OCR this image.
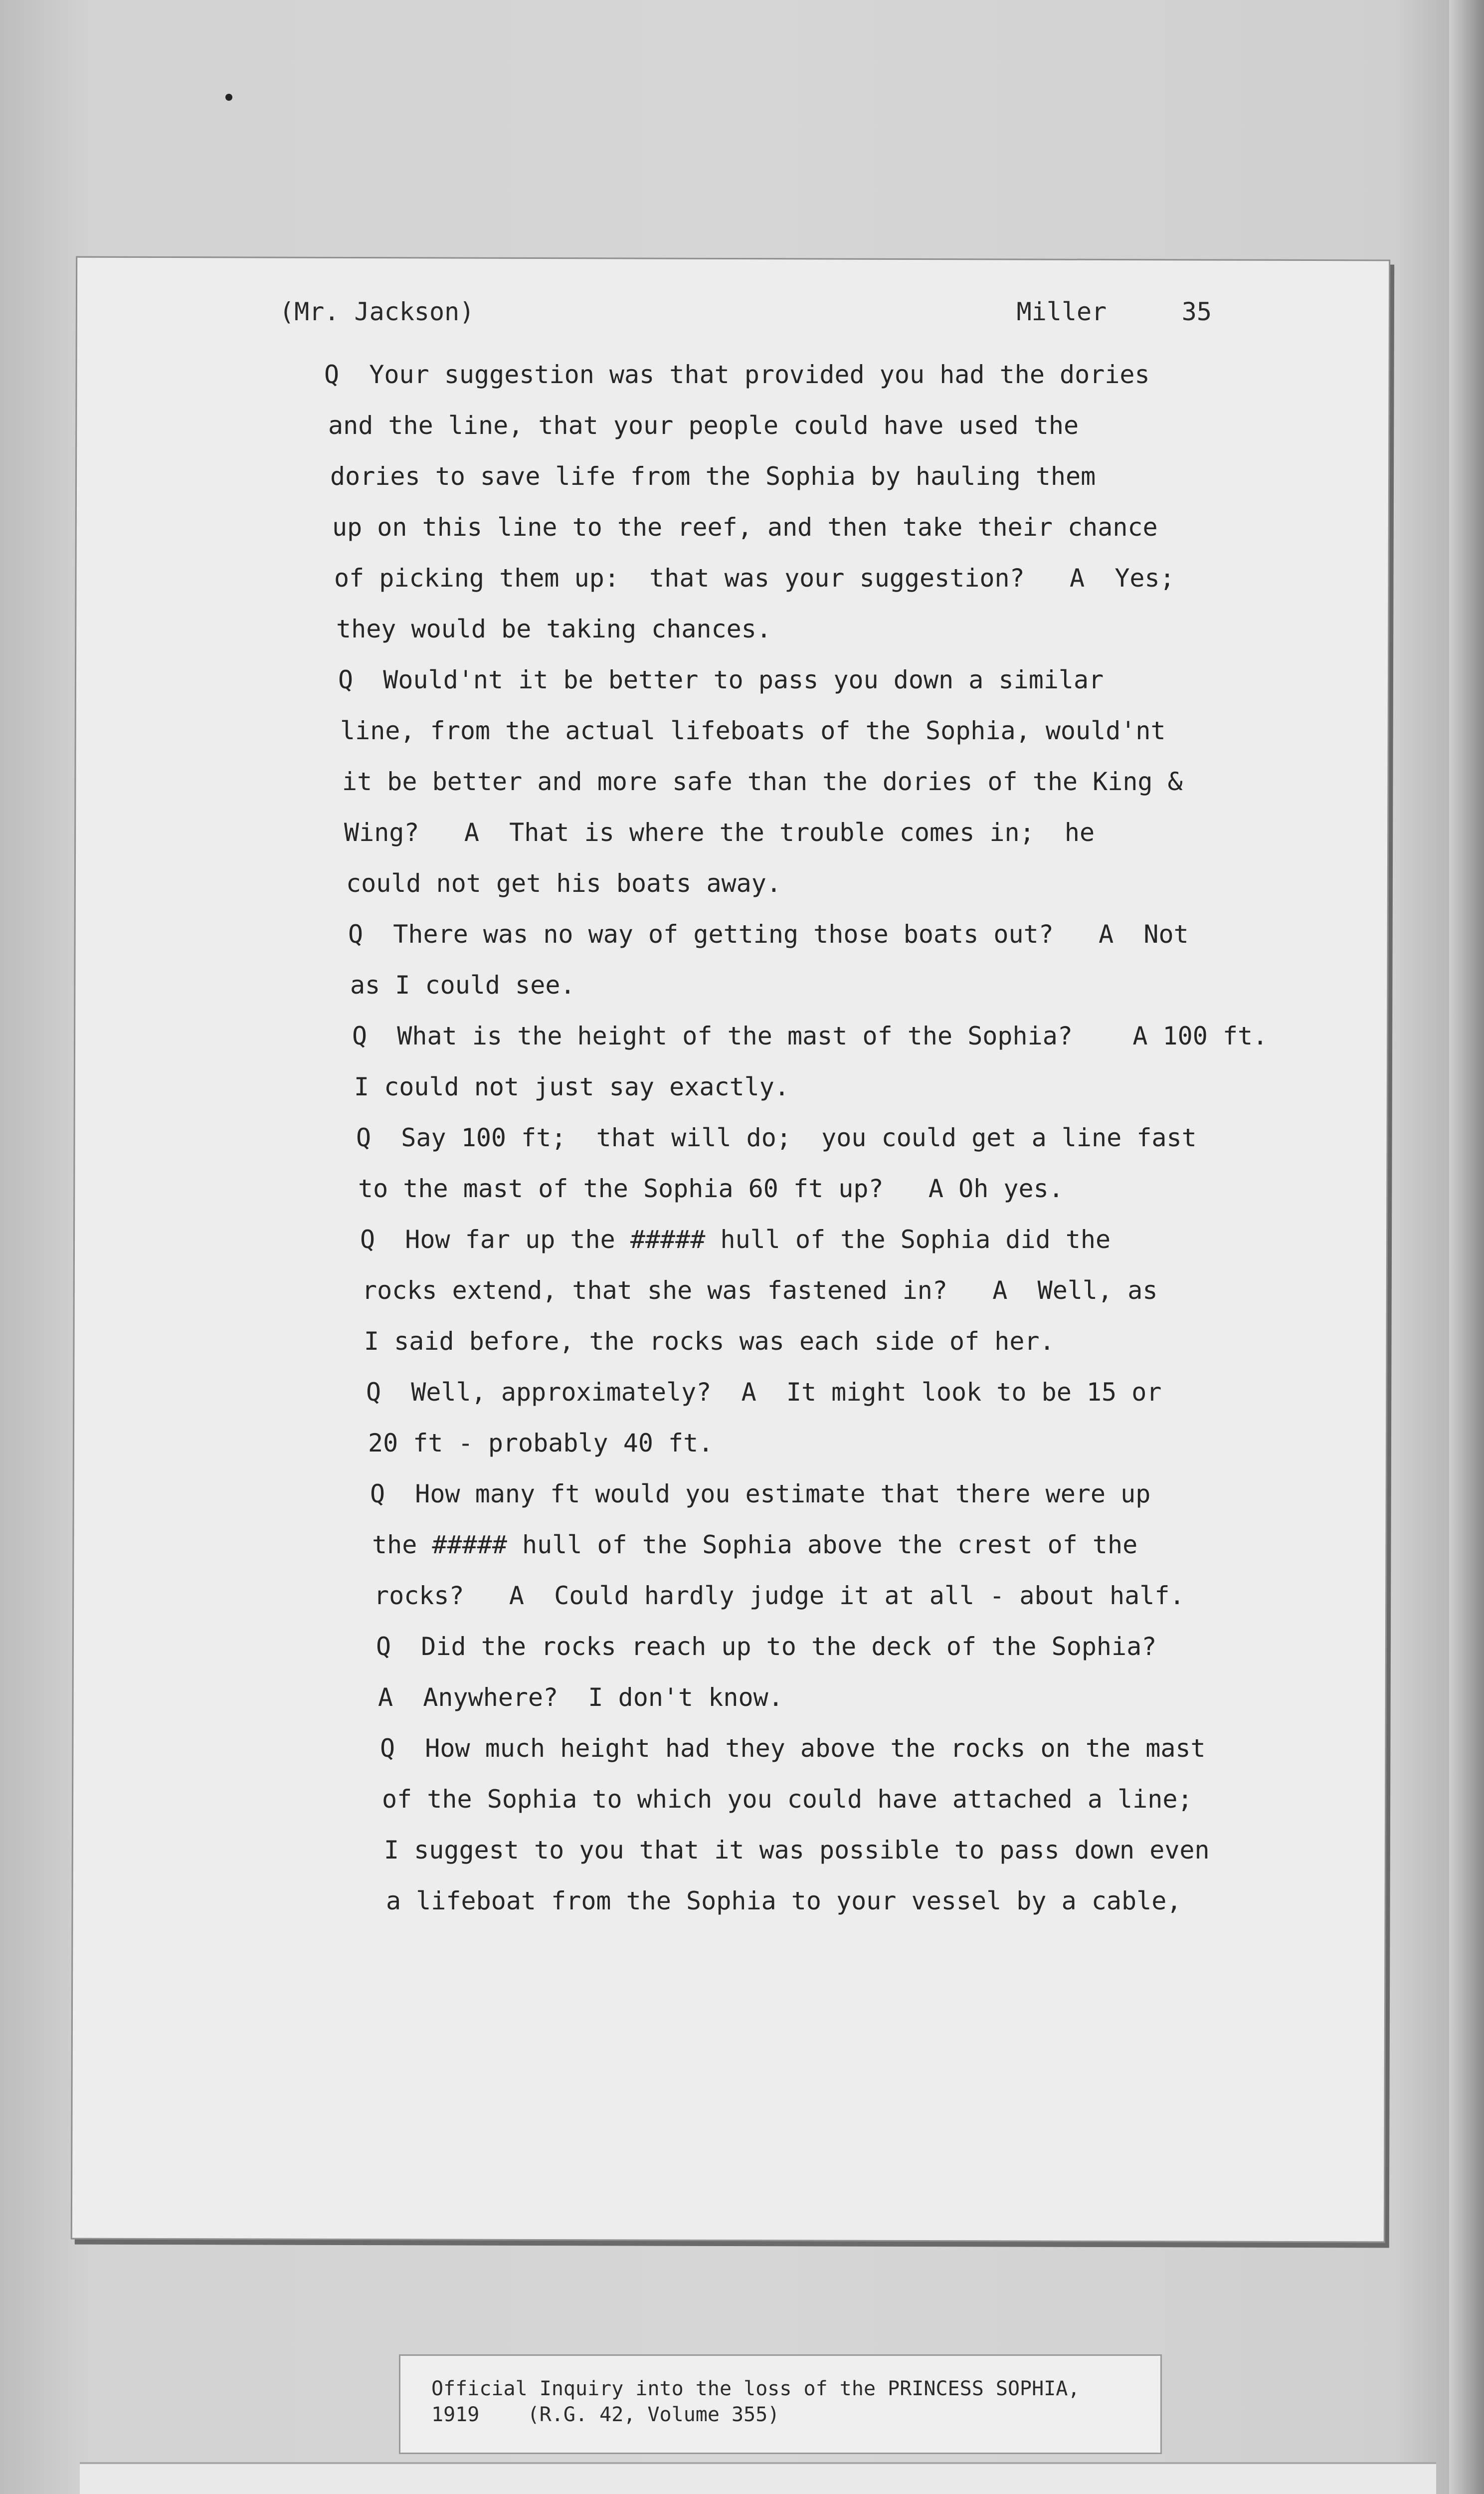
(Mr. Jackson)	Miller	35
Q  Your suggestion was that provided you had the dories
and the line, that your people could have used the
dories to save life from the Sophia by hauling them
up on this line to the reef, and then take their chance
of picking them up:  that was your suggestion?   A  Yes;
they would be taking chances.
Q  Would'nt it be better to pass you down a similar
line, from the actual lifeboats of the Sophia, would'nt
it be better and more safe than the dories of the King &
Wing?   A  That is where the trouble comes in;  he
could not get his boats away.
Q  There was no way of getting those boats out?   A  Not
as I could see.
Q  What is the height of the mast of the Sophia?    A 100 ft.
I could not just say exactly.
Q  Say 100 ft;  that will do;  you could get a line fast
to the mast of the Sophia 60 ft up?   A Oh yes.
Q  How far up the ##### hull of the Sophia did the
rocks extend, that she was fastened in?   A  Well, as
I said before, the rocks was each side of her.
Q  Well, approximately?  A  It might look to be 15 or
20 ft - probably 40 ft.
Q  How many ft would you estimate that there were up
the ##### hull of the Sophia above the crest of the
rocks?   A  Could hardly judge it at all - about half.
Q  Did the rocks reach up to the deck of the Sophia?
A  Anywhere?  I don't know.
Q  How much height had they above the rocks on the mast
of the Sophia to which you could have attached a line;
I suggest to you that it was possible to pass down even
a lifeboat from the Sophia to your vessel by a cable,
Official Inquiry into the loss of the PRINCESS SOPHIA,
1919    (R.G. 42, Volume 355)
